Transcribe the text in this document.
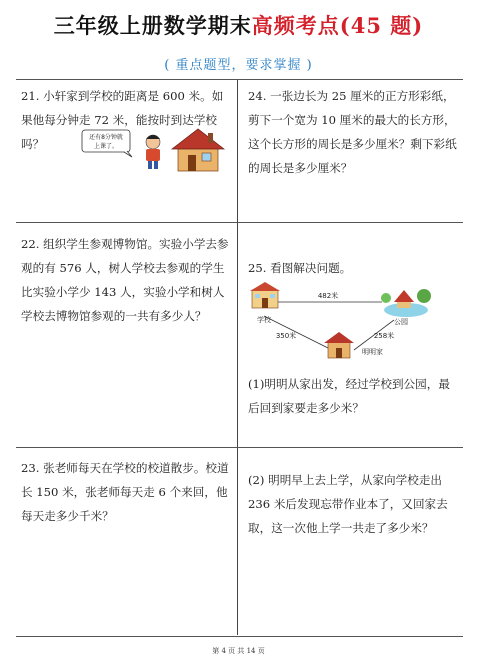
三年级上册数学期末高频考点(45 题)
( 重点题型，要求掌握 )
21. 小轩家到学校的距离是 600 米。如果他每分钟走 72 米，能按时到达学校吗？	还有8分钟就
上课了。
22. 组织学生参观博物馆。实验小学去参观的有 576 人，树人学校去参观的学生比实验小学少 143 人，实验小学和树人学校去博物馆参观的一共有多少人？
23. 张老师每天在学校的校道散步。校道长 150 米，张老师每天走 6 个来回，他每天走多少千米？
24. 一张边长为 25 厘米的正方形彩纸，剪下一个宽为 10 厘米的最大的长方形，这个长方形的周长是多少厘米？剩下彩纸的周长是多少厘米？
25. 看图解决问题。
学校	公园
明明家
482米
350米	258米
(1)明明从家出发，经过学校到公园，最后回到家要走多少米？
(2) 明明早上去上学，从家向学校走出 236 米后发现忘带作业本了，又回家去取，这一次他上学一共走了多少米？
第 4 页 共 14 页
